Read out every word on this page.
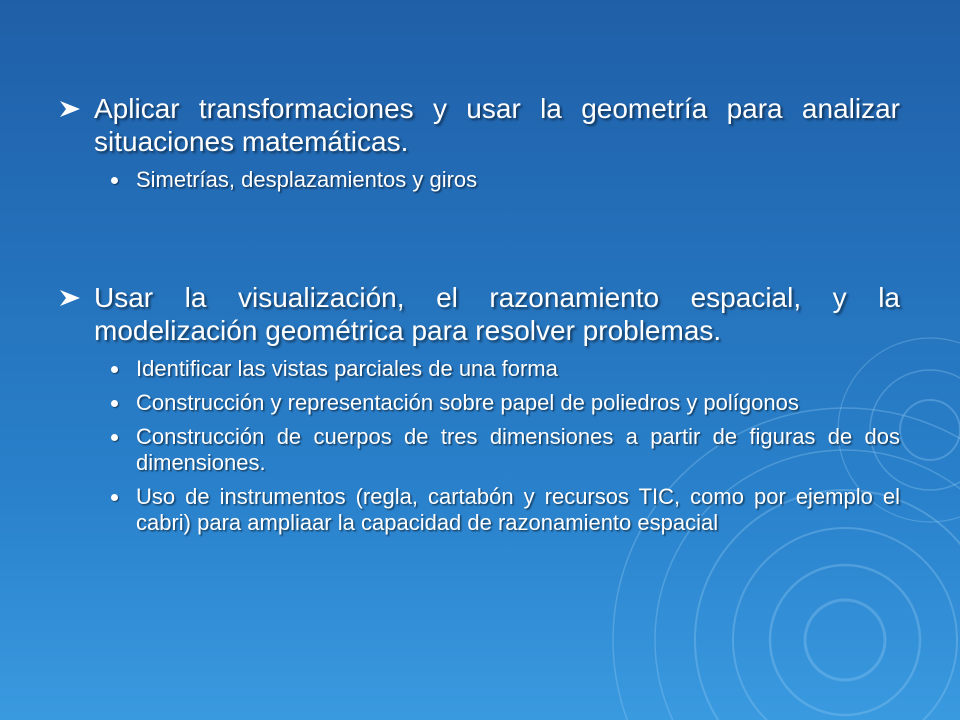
Aplicar transformaciones y usar la geometría para analizar situaciones matemáticas.
Simetrías, desplazamientos y giros
Usar la visualización, el razonamiento espacial, y la modelización geométrica para resolver problemas.
Identificar las vistas parciales de una forma
Construcción y representación sobre papel de poliedros y polígonos
Construcción de cuerpos de tres dimensiones a partir de figuras de dos dimensiones.
Uso de instrumentos (regla, cartabón y recursos TIC, como por ejemplo el cabri) para ampliaar la capacidad de razonamiento espacial
